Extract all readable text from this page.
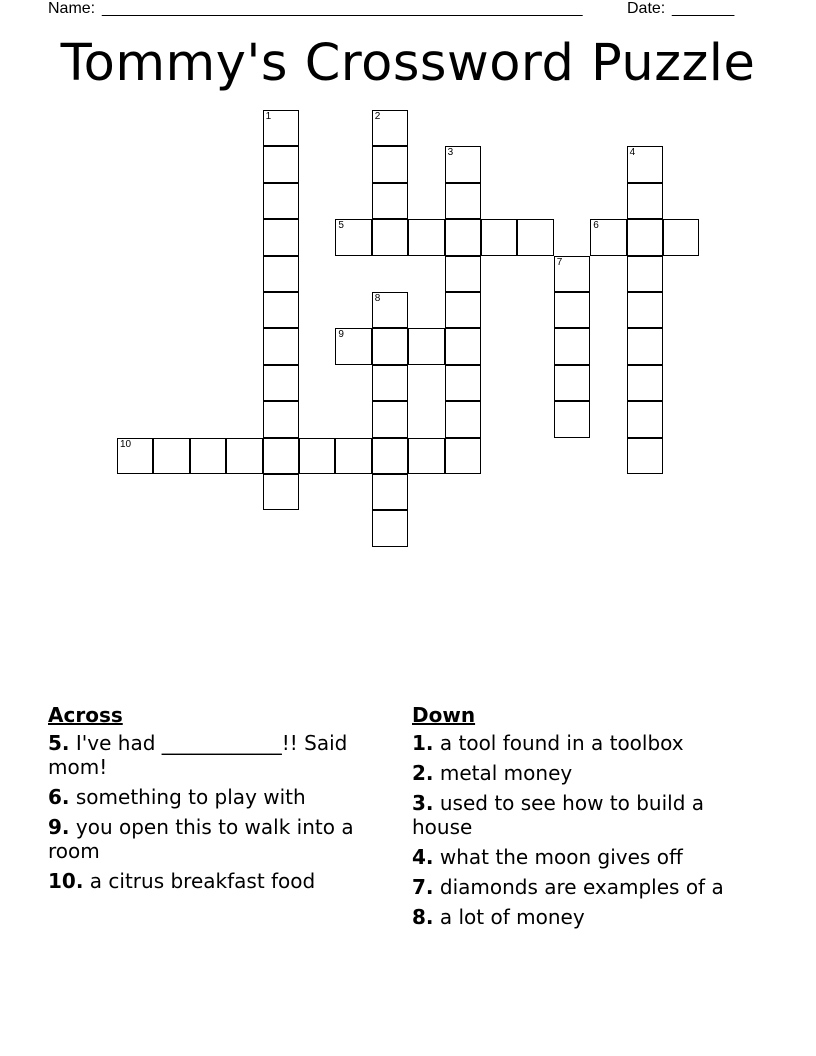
Name:

______________________________________________________

	Date:

_______

Tommy's Crossword Puzzle
1	2
3	4
5	6
7
8
9
10
Across
5. I've had ____________!! Said mom!
6. something to play with
9. you open this to walk into a room
10. a citrus breakfast food
Down
1. a tool found in a toolbox
2. metal money
3. used to see how to build a house
4. what the moon gives off
7. diamonds are examples of a
8. a lot of money
